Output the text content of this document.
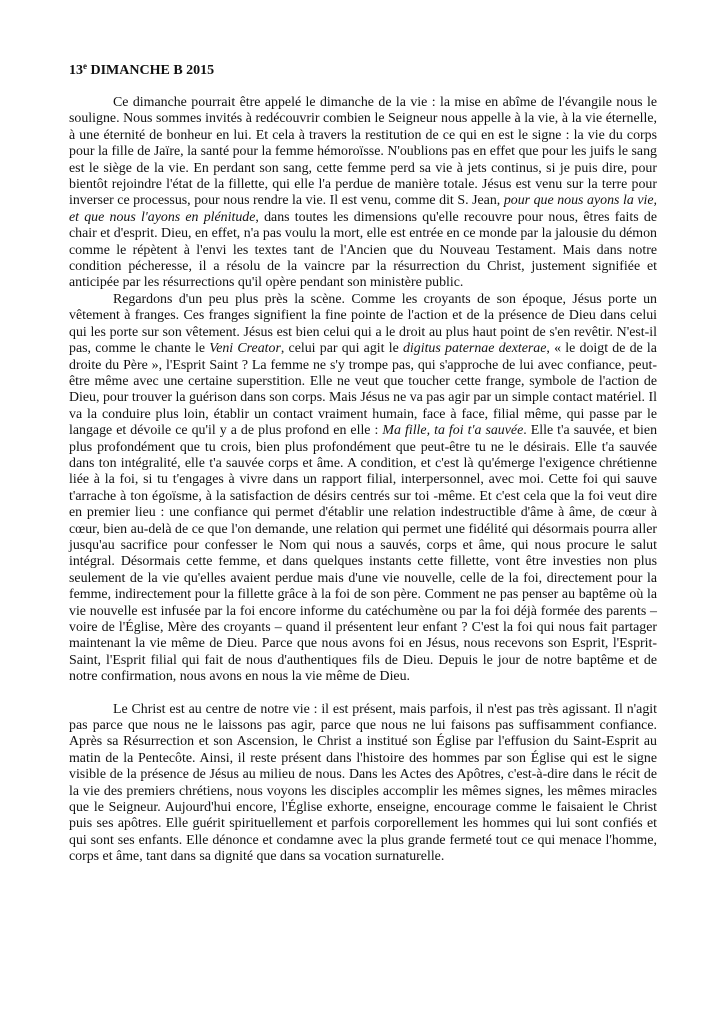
13e DIMANCHE B 2015

Ce dimanche pourrait être appelé le dimanche de la vie : la mise en abîme de l'évangile nous le souligne. Nous sommes invités à redécouvrir combien le Seigneur nous appelle à la vie, à la vie éternelle, à une éternité de bonheur en lui. Et cela à travers la restitution de ce qui en est le signe : la vie du corps pour la fille de Jaïre, la santé pour la femme hémoroïsse. N'oublions pas en effet que pour les juifs le sang est le siège de la vie. En perdant son sang, cette femme perd sa vie à jets continus, si je puis dire, pour bientôt rejoindre l'état de la fillette, qui elle l'a perdue de manière totale. Jésus est venu sur la terre pour inverser ce processus, pour nous rendre la vie. Il est venu, comme dit S. Jean, pour que nous ayons la vie, et que nous l'ayons en plénitude, dans toutes les dimensions qu'elle recouvre pour nous, êtres faits de chair et d'esprit. Dieu, en effet, n'a pas voulu la mort, elle est entrée en ce monde par la jalousie du démon comme le répètent à l'envi les textes tant de l'Ancien que du Nouveau Testament. Mais dans notre condition pécheresse, il a résolu de la vaincre par la résurrection du Christ, justement signifiée et anticipée par les résurrections qu'il opère pendant son ministère public.

Regardons d'un peu plus près la scène. Comme les croyants de son époque, Jésus porte un vêtement à franges. Ces franges signifient la fine pointe de l'action et de la présence de Dieu dans celui qui les porte sur son vêtement. Jésus est bien celui qui a le droit au plus haut point de s'en revêtir. N'est-il pas, comme le chante le Veni Creator, celui par qui agit le digitus paternae dexterae, « le doigt de de la droite du Père », l'Esprit Saint ? La femme ne s'y trompe pas, qui s'approche de lui avec confiance, peut-être même avec une certaine superstition. Elle ne veut que toucher cette frange, symbole de l'action de Dieu, pour trouver la guérison dans son corps. Mais Jésus ne va pas agir par un simple contact matériel. Il va la conduire plus loin, établir un contact vraiment humain, face à face, filial même, qui passe par le langage et dévoile ce qu'il y a de plus profond en elle : Ma fille, ta foi t'a sauvée. Elle t'a sauvée, et bien plus profondément que tu crois, bien plus profondément que peut-être tu ne le désirais. Elle t'a sauvée dans ton intégralité, elle t'a sauvée corps et âme. A condition, et c'est là qu'émerge l'exigence chrétienne liée à la foi, si tu t'engages à vivre dans un rapport filial, interpersonnel, avec moi. Cette foi qui sauve t'arrache à ton égoïsme, à la satisfaction de désirs centrés sur toi -même. Et c'est cela que la foi veut dire en premier lieu : une confiance qui permet d'établir une relation indestructible d'âme à âme, de cœur à cœur, bien au-delà de ce que l'on demande, une relation qui permet une fidélité qui désormais pourra aller jusqu'au sacrifice pour confesser le Nom qui nous a sauvés, corps et âme, qui nous procure le salut intégral. Désormais cette femme, et dans quelques instants cette fillette, vont être investies non plus seulement de la vie qu'elles avaient perdue mais d'une vie nouvelle, celle de la foi, directement pour la femme, indirectement pour la fillette grâce à la foi de son père. Comment ne pas penser au baptême où la vie nouvelle est infusée par la foi encore informe du catéchumène ou par la foi déjà formée des parents – voire de l'Église, Mère des croyants – quand il présentent leur enfant ? C'est la foi qui nous fait partager maintenant la vie même de Dieu. Parce que nous avons foi en Jésus, nous recevons son Esprit, l'Esprit-Saint, l'Esprit filial qui fait de nous d'authentiques fils de Dieu. Depuis le jour de notre baptême et de notre confirmation, nous avons en nous la vie même de Dieu.

Le Christ est au centre de notre vie : il est présent, mais parfois, il n'est pas très agissant. Il n'agit pas parce que nous ne le laissons pas agir, parce que nous ne lui faisons pas suffisamment confiance. Après sa Résurrection et son Ascension, le Christ a institué son Église par l'effusion du Saint-Esprit au matin de la Pentecôte. Ainsi, il reste présent dans l'histoire des hommes par son Église qui est le signe visible de la présence de Jésus au milieu de nous. Dans les Actes des Apôtres, c'est-à-dire dans le récit de la vie des premiers chrétiens, nous voyons les disciples accomplir les mêmes signes, les mêmes miracles que le Seigneur. Aujourd'hui encore, l'Église exhorte, enseigne, encourage comme le faisaient le Christ puis ses apôtres. Elle guérit spirituellement et parfois corporellement les hommes qui lui sont confiés et qui sont ses enfants. Elle dénonce et condamne avec la plus grande fermeté tout ce qui menace l'homme, corps et âme, tant dans sa dignité que dans sa vocation surnaturelle.
